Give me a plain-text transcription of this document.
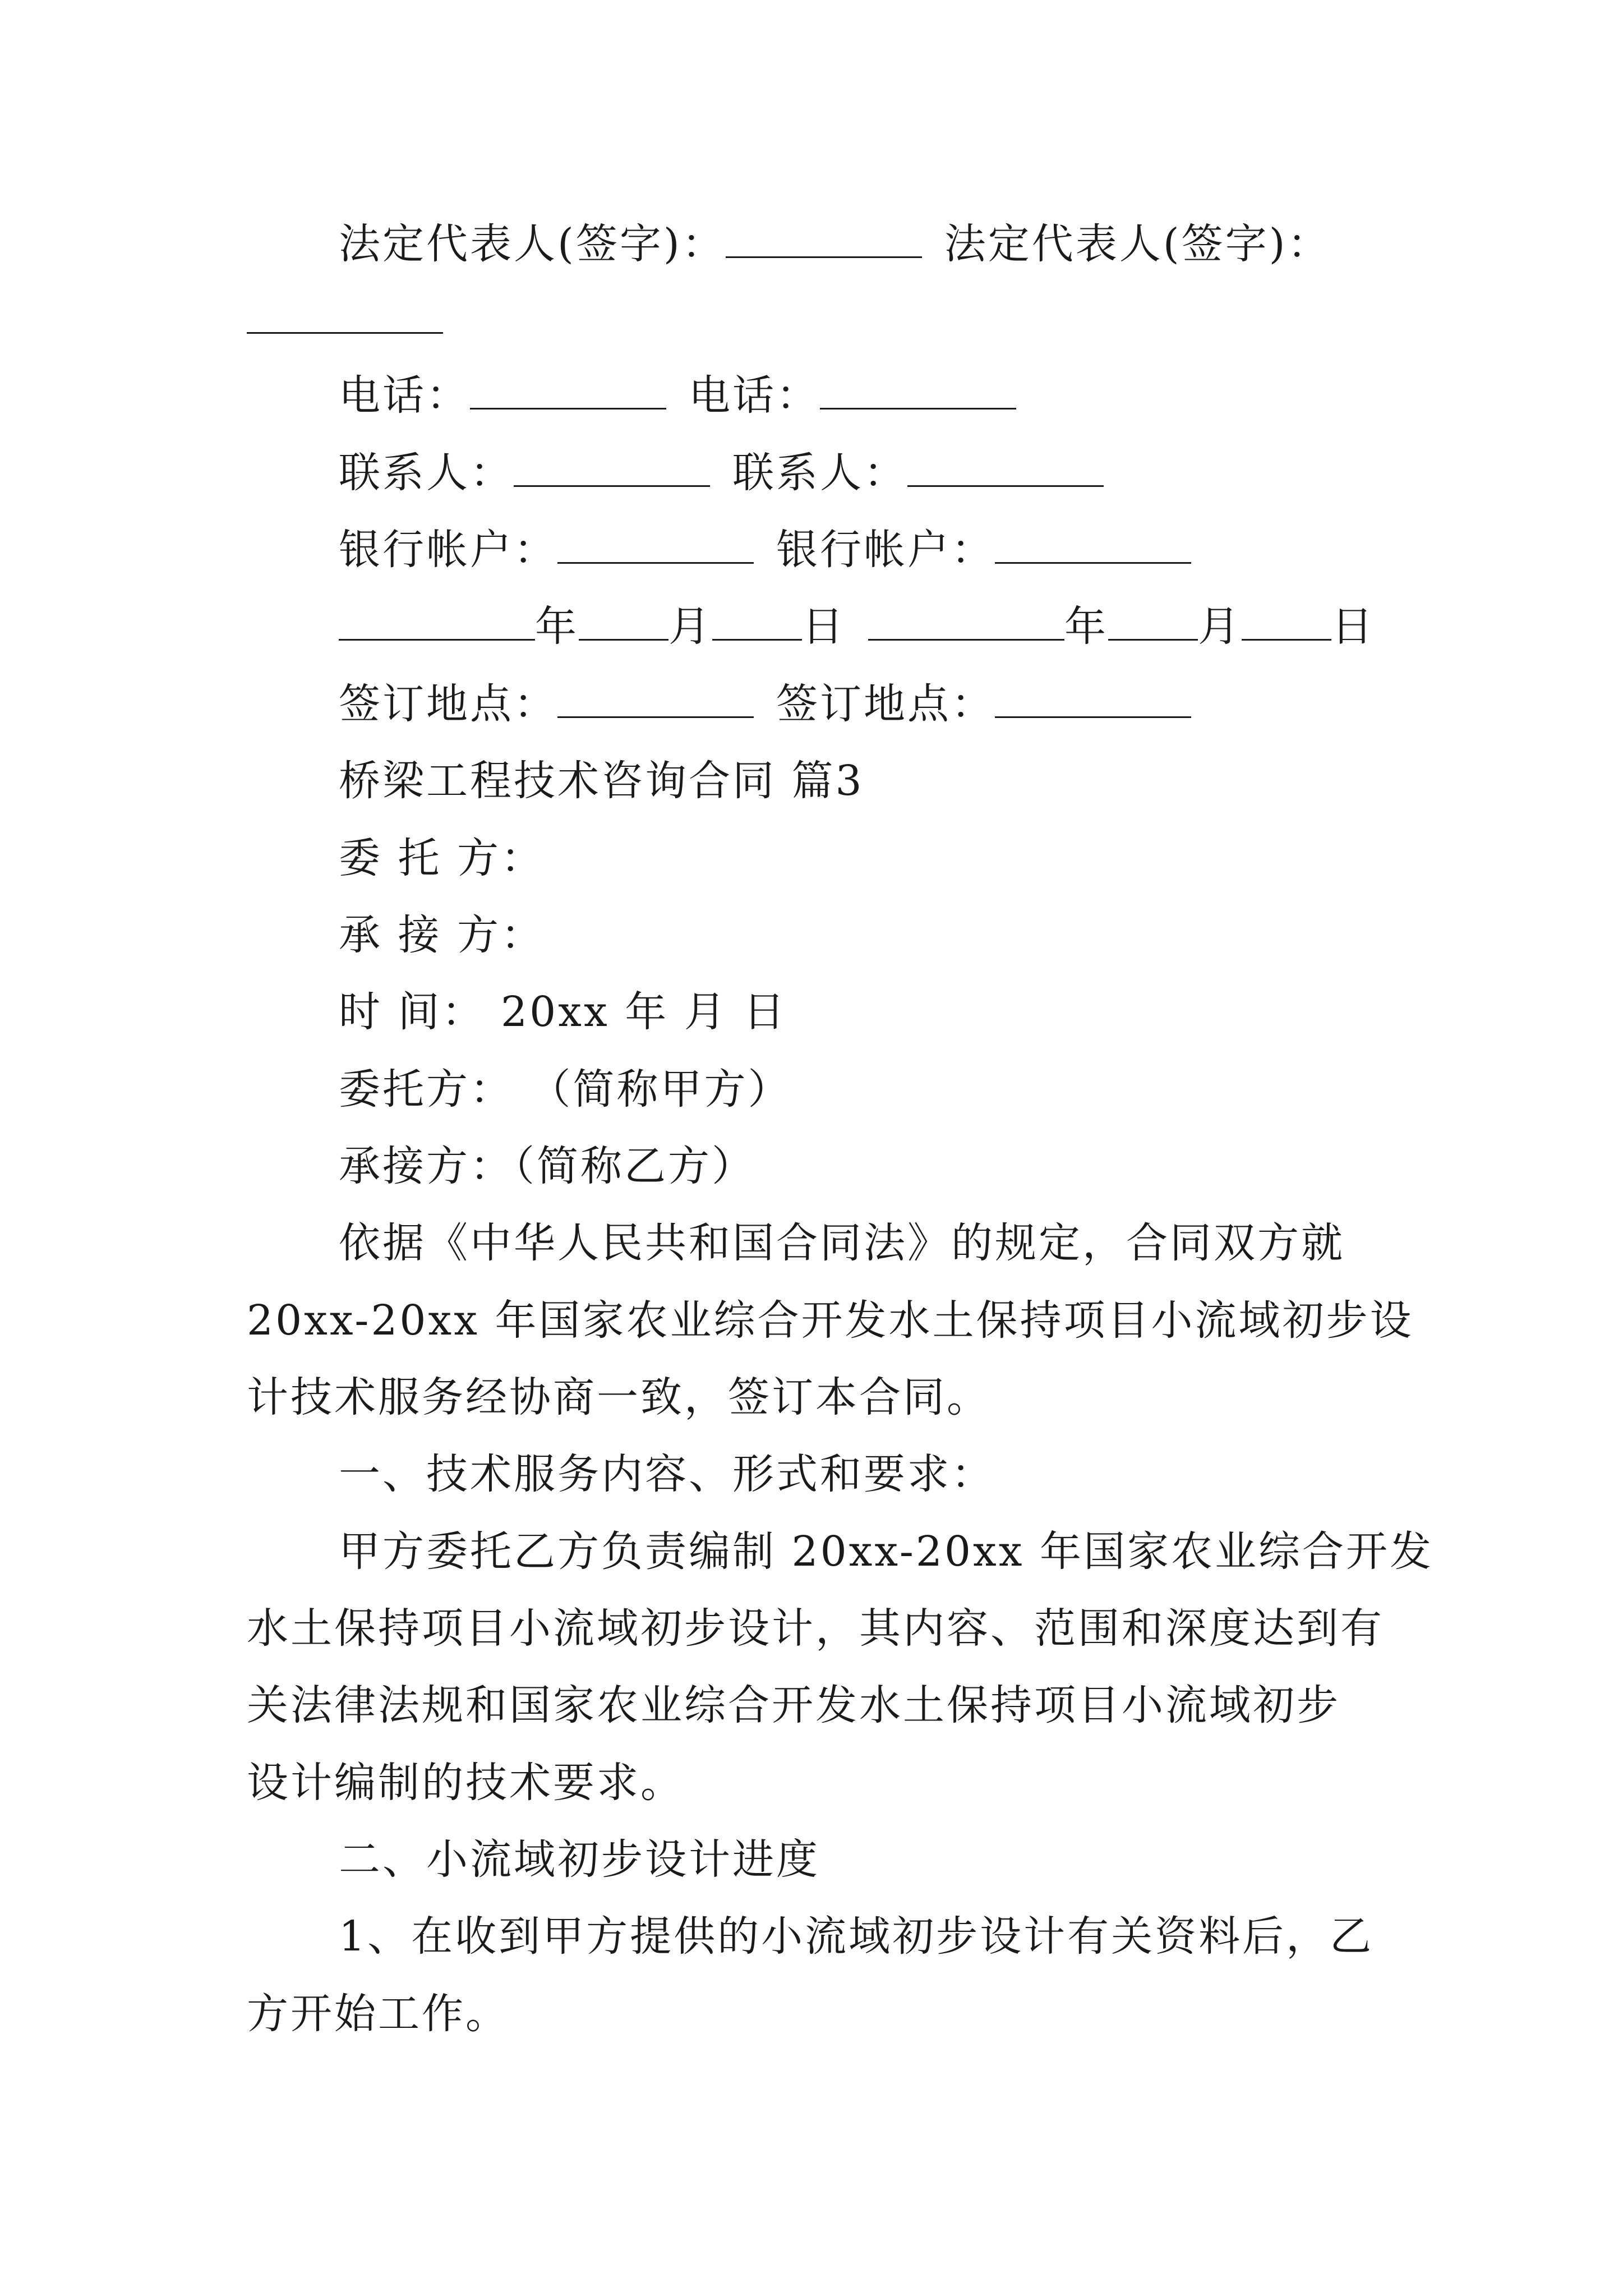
法定代表人(签字)：	法定代表人(签字)：
电话：	电话：
联系人：	联系人：
银行帐户：	银行帐户：
年 月 日	年 月 日
签订地点：	签订地点：
桥梁工程技术咨询合同 篇3
委 托 方：
承 接 方：
时 间： 20xx 年 月 日
委托方： （简称甲方）
承接方：（简称乙方）
依据《中华人民共和国合同法》的规定，合同双方就
20xx-20xx 年国家农业综合开发水土保持项目小流域初步设
计技术服务经协商一致，签订本合同。
一、技术服务内容、形式和要求：
甲方委托乙方负责编制 20xx-20xx 年国家农业综合开发
水土保持项目小流域初步设计，其内容、范围和深度达到有
关法律法规和国家农业综合开发水土保持项目小流域初步
设计编制的技术要求。
二、小流域初步设计进度
1、在收到甲方提供的小流域初步设计有关资料后，乙
方开始工作。
